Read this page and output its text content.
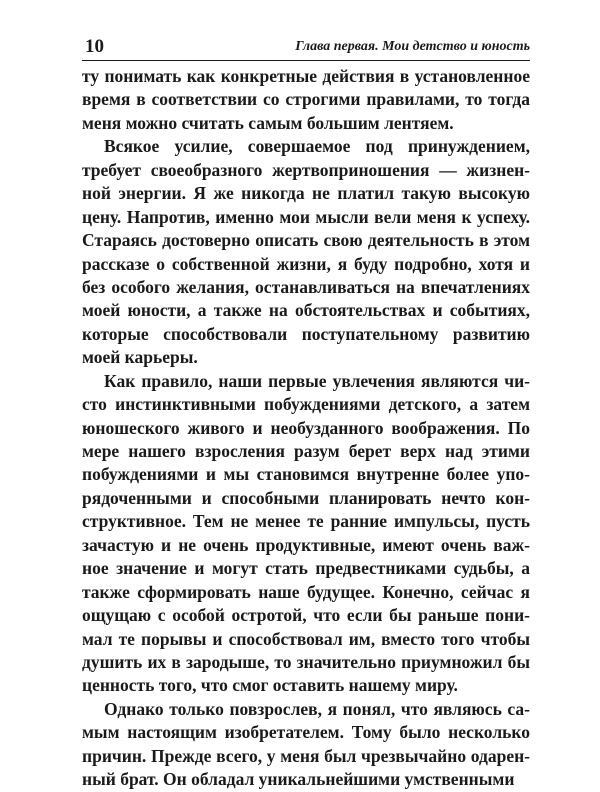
10	Глава первая. Мои детство и юность
ту понимать как конкретные действия в установленное
время в соответствии со строгими правилами, то тогда
меня можно считать самым большим лентяем.
Всякое усилие, совершаемое под принуждением,
требует своеобразного жертвоприношения — жизнен-
ной энергии. Я же никогда не платил такую высокую
цену. Напротив, именно мои мысли вели меня к успеху.
Стараясь достоверно описать свою деятельность в этом
рассказе о собственной жизни, я буду подробно, хотя и
без особого желания, останавливаться на впечатлениях
моей юности, а также на обстоятельствах и событиях,
которые способствовали поступательному развитию
моей карьеры.
Как правило, наши первые увлечения являются чи-
сто инстинктивными побуждениями детского, а затем
юношеского живого и необузданного воображения. По
мере нашего взросления разум берет верх над этими
побуждениями и мы становимся внутренне более упо-
рядоченными и способными планировать нечто кон-
структивное. Тем не менее те ранние импульсы, пусть
зачастую и не очень продуктивные, имеют очень важ-
ное значение и могут стать предвестниками судьбы, а
также сформировать наше будущее. Конечно, сейчас я
ощущаю с особой остротой, что если бы раньше пони-
мал те порывы и способствовал им, вместо того чтобы
душить их в зародыше, то значительно приумножил бы
ценность того, что смог оставить нашему миру.
Однако только повзрослев, я понял, что являюсь са-
мым настоящим изобретателем. Тому было несколько
причин. Прежде всего, у меня был чрезвычайно одарен-
ный брат. Он обладал уникальнейшими умственными
